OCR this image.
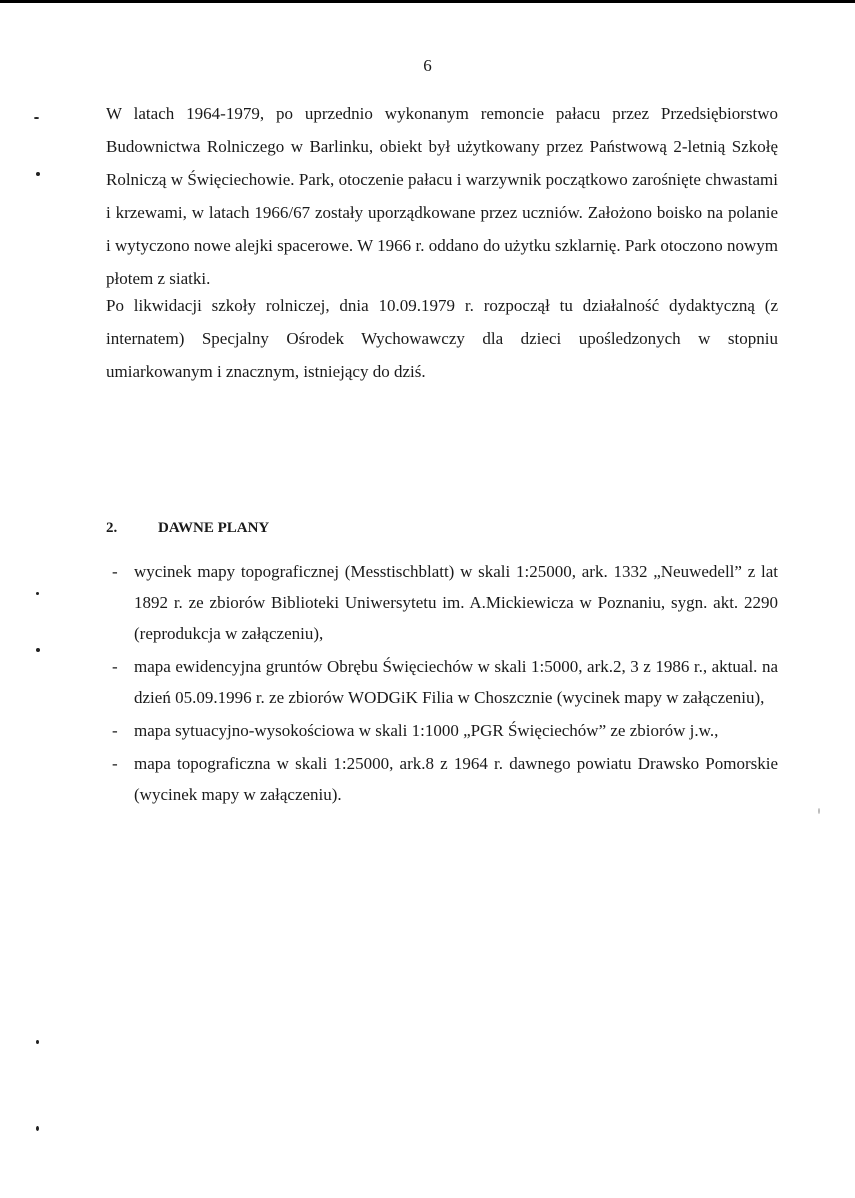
6

W latach 1964-1979, po uprzednio wykonanym remoncie pałacu przez Przedsiębiorstwo Budownictwa Rolniczego w Barlinku, obiekt był użytkowany przez Państwową 2-letnią Szkołę Rolniczą w Święciechowie. Park, otoczenie pałacu i warzywnik początkowo zarośnięte chwastami i krzewami, w latach 1966/67 zostały uporządkowane przez uczniów. Założono boisko na polanie i wytyczono nowe alejki spacerowe. W 1966 r. oddano do użytku szklarnię. Park otoczono nowym płotem z siatki.

Po likwidacji szkoły rolniczej, dnia 10.09.1979 r. rozpoczął tu działalność dydaktyczną (z internatem) Specjalny Ośrodek Wychowawczy dla dzieci upośledzonych w stopniu umiarkowanym i znacznym, istniejący do dziś.

2.	DAWNE PLANY
- wycinek mapy topograficznej (Messtischblatt) w skali 1:25000, ark. 1332 „Neuwedell” z lat 1892 r. ze zbiorów Biblioteki Uniwersytetu im. A.Mickiewicza w Poznaniu, sygn. akt. 2290 (reprodukcja w załączeniu),
- mapa ewidencyjna gruntów Obrębu Święciechów w skali 1:5000, ark.2, 3 z 1986 r., aktual. na dzień 05.09.1996 r. ze zbiorów WODGiK Filia w Choszcznie (wycinek mapy w załączeniu),
- mapa sytuacyjno-wysokościowa w skali 1:1000 „PGR Święciechów” ze zbiorów j.w.,
- mapa topograficzna w skali 1:25000, ark.8 z 1964 r. dawnego powiatu Drawsko Pomorskie (wycinek mapy w załączeniu).
